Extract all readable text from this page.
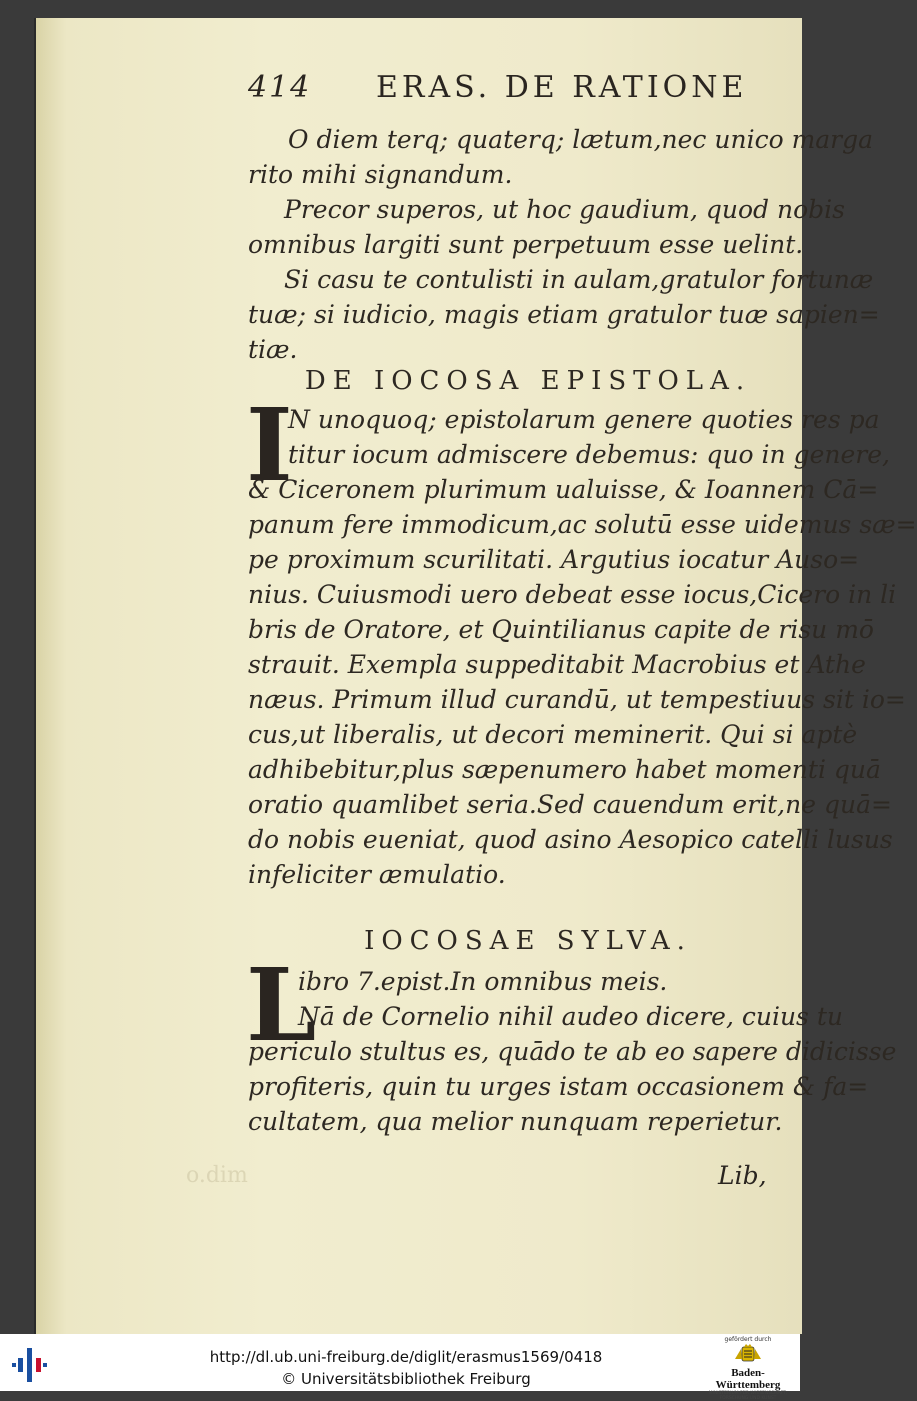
414 ERAS. DE RATIONE
O diem terq; quaterq; lætum,nec unico marga
rito mihi signandum.
Precor superos, ut hoc gaudium, quod nobis
omnibus largiti sunt perpetuum esse uelint.
Si casu te contulisti in aulam,gratulor fortunæ
tuæ; si iudicio, magis etiam gratulor tuæ sapien=
tiæ.
DE IOCOSA EPISTOLA.
I
N unoquoq; epistolarum genere quoties res pa
titur iocum admiscere debemus: quo in genere,
& Ciceronem plurimum ualuisse, & Ioannem Cā=
panum fere immodicum,ac solutū esse uidemus sæ=
pe proximum scurilitati. Argutius iocatur Auso=
nius. Cuiusmodi uero debeat esse iocus,Cicero in li
bris de Oratore, et Quintilianus capite de risu mō
strauit. Exempla suppeditabit Macrobius et Athe
næus. Primum illud curandū, ut tempestiuus sit io=
cus,ut liberalis, ut decori meminerit. Qui si aptè
adhibebitur,plus sæpenumero habet momenti quā
oratio quamlibet seria.Sed cauendum erit,ne quā=
do nobis eueniat, quod asino Aesopico catelli lusus
infeliciter æmulatio.
IOCOSAE SYLVA.
L
ibro 7.epist.In omnibus meis.
Nā de Cornelio nihil audeo dicere, cuius tu
periculo stultus es, quādo te ab eo sapere didicisse
profiteris, quin tu urges istam occasionem & fa=
cultatem, qua melior nunquam reperietur.
o.dim	Lib,
http://dl.ub.uni-freiburg.de/diglit/erasmus1569/0418
© Universitätsbibliothek Freiburg
gefördert durch
Baden-Württemberg
MINISTERIUM FÜR WISSENSCHAFT, FORSCHUNG UND KUNST
